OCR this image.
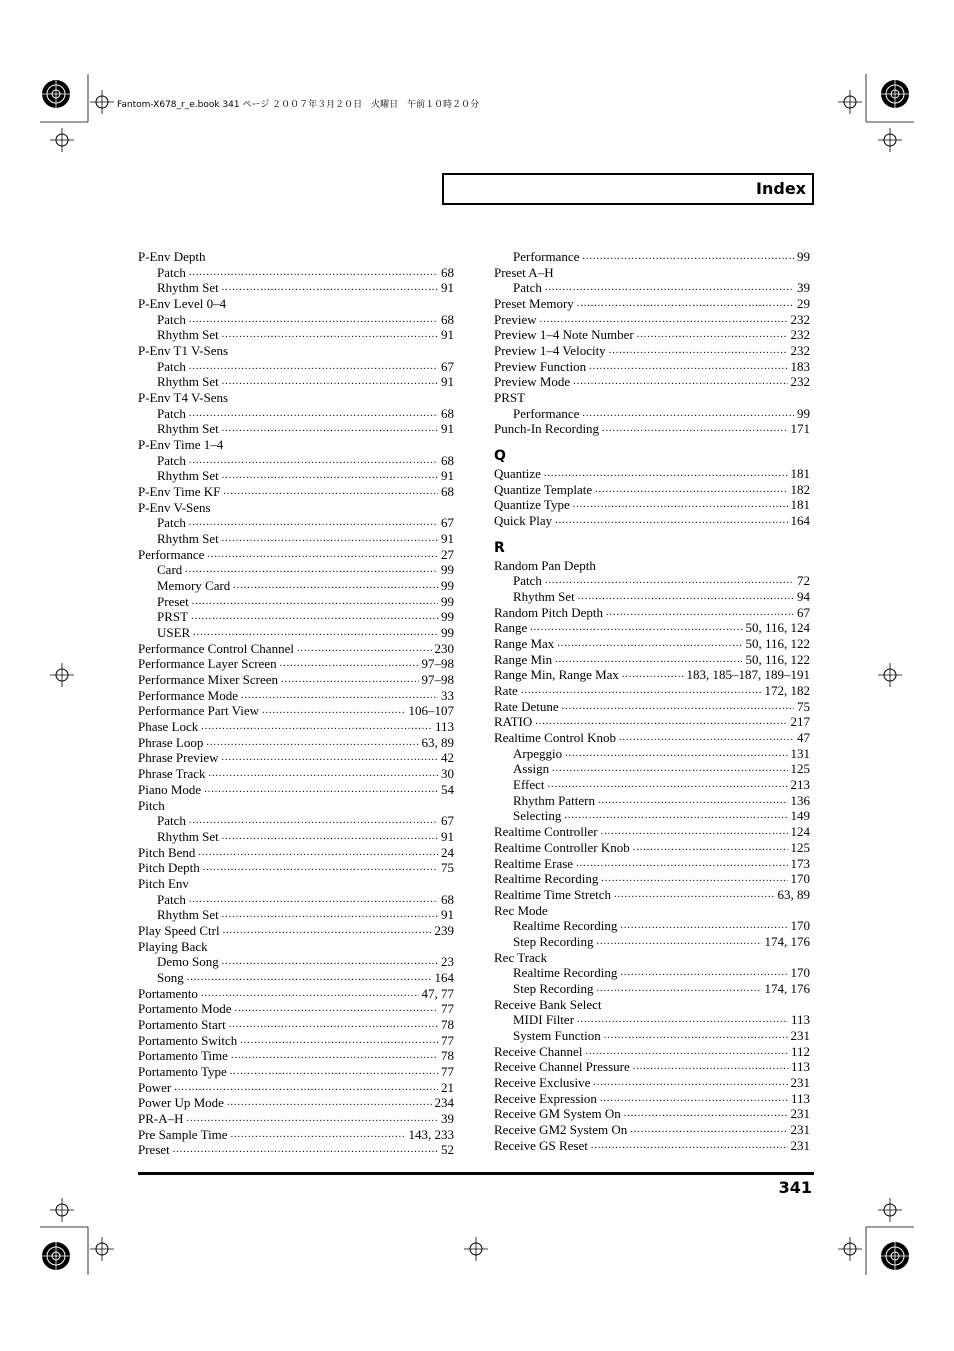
Fantom-X678_r_e.book 341 ページ ２００７年３月２０日　火曜日　午前１０時２０分
Index
P-Env Depth
Patch .....	68
Rhythm Set .....	91
P-Env Level 0–4
Patch .....	68
Rhythm Set .....	91
P-Env T1 V-Sens
Patch .....	67
Rhythm Set .....	91
P-Env T4 V-Sens
Patch .....	68
Rhythm Set .....	91
P-Env Time 1–4
Patch .....	68
Rhythm Set .....	91
P-Env Time KF .....	68
P-Env V-Sens
Patch .....	67
Rhythm Set .....	91
Performance .....	27
Card .....	99
Memory Card .....	99
Preset .....	99
PRST .....	99
USER .....	99
Performance Control Channel .....	230
Performance Layer Screen .....	97–98
Performance Mixer Screen .....	97–98
Performance Mode .....	33
Performance Part View .....	106–107
Phase Lock .....	113
Phrase Loop .....	63, 89
Phrase Preview .....	42
Phrase Track .....	30
Piano Mode .....	54
Pitch
Patch .....	67
Rhythm Set .....	91
Pitch Bend .....	24
Pitch Depth .....	75
Pitch Env
Patch .....	68
Rhythm Set .....	91
Play Speed Ctrl .....	239
Playing Back
Demo Song .....	23
Song .....	164
Portamento .....	47, 77
Portamento Mode .....	77
Portamento Start .....	78
Portamento Switch .....	77
Portamento Time .....	78
Portamento Type .....	77
Power .....	21
Power Up Mode .....	234
PR-A–H .....	39
Pre Sample Time .....	143, 233
Preset .....	52
Performance .....	99
Preset A–H
Patch .....	39
Preset Memory .....	29
Preview .....	232
Preview 1–4 Note Number .....	232
Preview 1–4 Velocity .....	232
Preview Function .....	183
Preview Mode .....	232
PRST
Performance .....	99
Punch-In Recording .....	171
Q
Quantize .....	181
Quantize Template .....	182
Quantize Type .....	181
Quick Play .....	164
R
Random Pan Depth
Patch .....	72
Rhythm Set .....	94
Random Pitch Depth .....	67
Range .....	50, 116, 124
Range Max .....	50, 116, 122
Range Min .....	50, 116, 122
Range Min, Range Max .....	183, 185–187, 189–191
Rate .....	172, 182
Rate Detune .....	75
RATIO .....	217
Realtime Control Knob .....	47
Arpeggio .....	131
Assign .....	125
Effect .....	213
Rhythm Pattern .....	136
Selecting .....	149
Realtime Controller .....	124
Realtime Controller Knob .....	125
Realtime Erase .....	173
Realtime Recording .....	170
Realtime Time Stretch .....	63, 89
Rec Mode
Realtime Recording .....	170
Step Recording .....	174, 176
Rec Track
Realtime Recording .....	170
Step Recording .....	174, 176
Receive Bank Select
MIDI Filter .....	113
System Function .....	231
Receive Channel .....	112
Receive Channel Pressure .....	113
Receive Exclusive .....	231
Receive Expression .....	113
Receive GM System On .....	231
Receive GM2 System On .....	231
Receive GS Reset .....	231
341
